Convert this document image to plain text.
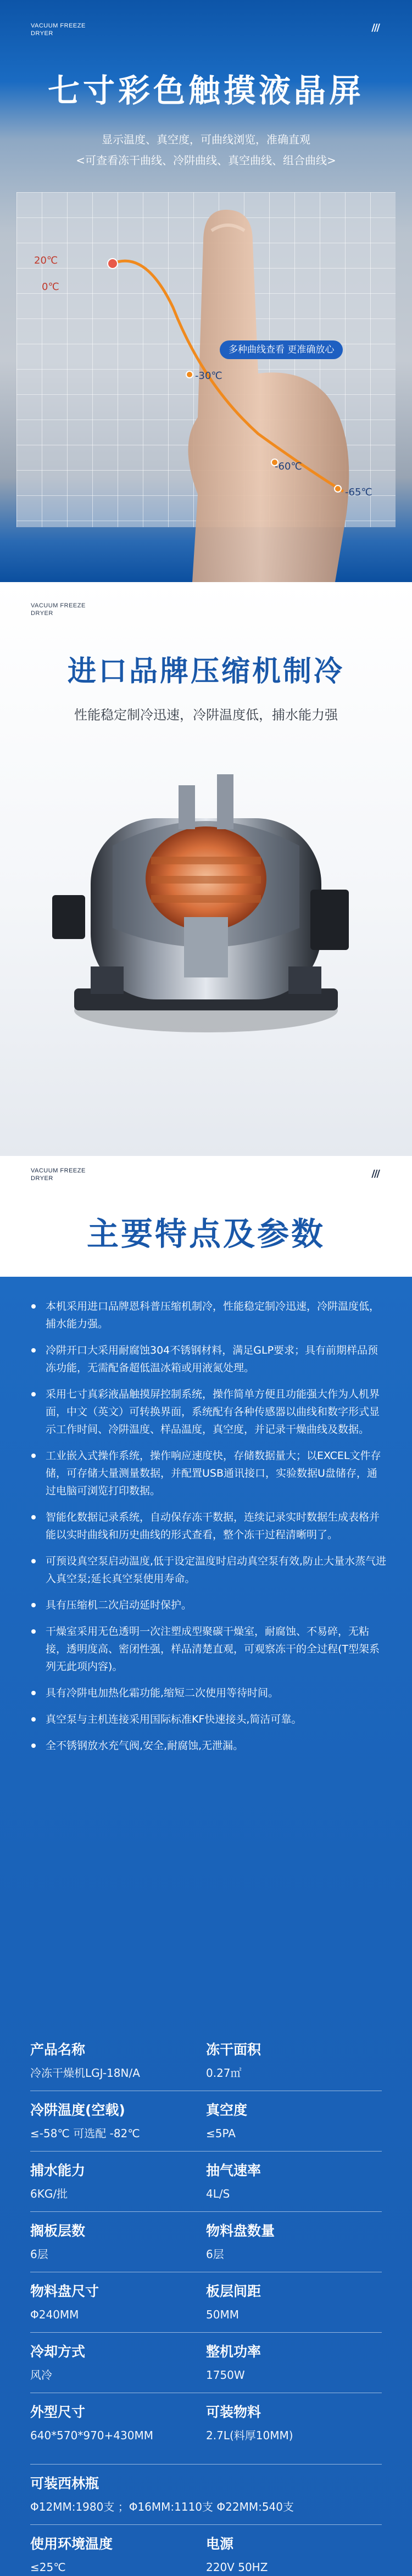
VACUUM FREEZE
DRYER	///
七寸彩色触摸液晶屏

显示温度、真空度，可曲线浏览，准确直观

<可查看冻干曲线、冷阱曲线、真空曲线、组合曲线>

20℃
0℃
-30℃
-60℃
-65℃
多种曲线查看 更准确放心
VACUUM FREEZE
DRYER
进口品牌压缩机制冷

性能稳定制冷迅速，冷阱温度低，捕水能力强

VACUUM FREEZE
DRYER	///
主要特点及参数
本机采用进口品牌恩科普压缩机制冷，性能稳定制冷迅速，冷阱温度低，捕水能力强。
冷阱开口大采用耐腐蚀304不锈钢材料，满足GLP要求；具有前期样品预冻功能，无需配备超低温冰箱或用液氮处理。
采用七寸真彩液晶触摸屏控制系统，操作简单方便且功能强大作为人机界面，中文（英文）可转换界面，系统配有各种传感器以曲线和数字形式显示工作时间、冷阱温度、样品温度，真空度，并记录干燥曲线及数据。
工业嵌入式操作系统，操作响应速度快，存储数据量大；以EXCEL文件存储，可存储大量测量数据，并配置USB通讯接口，实验数据U盘储存，通过电脑可浏览打印数据。
智能化数据记录系统，自动保存冻干数据，连续记录实时数据生成表格并能以实时曲线和历史曲线的形式查看，整个冻干过程清晰明了。
可预设真空泵启动温度,低于设定温度时启动真空泵有效,防止大量水蒸气进入真空泵;延长真空泵使用寿命。
具有压缩机二次启动延时保护。
干燥室采用无色透明一次注塑成型聚碳干燥室，耐腐蚀、不易碎，无粘接，透明度高、密闭性强，样品清楚直观，可观察冻干的全过程(T型架系列无此项内容)。
具有冷阱电加热化霜功能,缩短二次使用等待时间。
真空泵与主机连接采用国际标准KF快速接头,简洁可靠。
全不锈钢放水充气阀,安全,耐腐蚀,无泄漏。
产品名称
冷冻干燥机LGJ-18N/A
冻干面积
0.27㎡
冷阱温度(空载)
≤-58℃ 可选配 -82℃
真空度
≤5PA
捕水能力
6KG/批
抽气速率
4L/S
搁板层数
6层
物料盘数量
6层
物料盘尺寸
Φ240MM
板层间距
50MM
冷却方式
风冷
整机功率
1750W
外型尺寸
640*570*970+430MM
可装物料
2.7L(料厚10MM)
可装西林瓶
Φ12MM:1980支 ；Φ16MM:1110支 Φ22MM:540支
使用环境温度
≤25℃
电源
220V 50HZ
